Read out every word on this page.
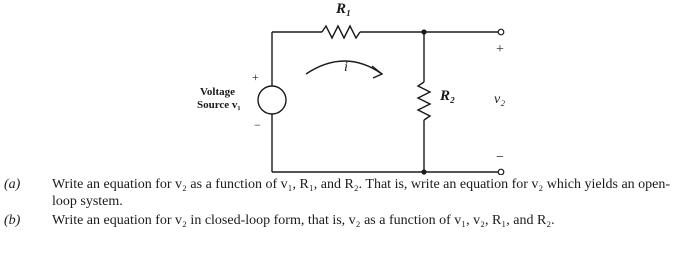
R₁
R₂
i
Voltage
Source v₁
+
−
v₂
+
−
(a)	Write an equation for v₂ as a function of v₁, R₁, and R₂. That is, write an equation for v₂ which yields an open-loop system.
(b)	Write an equation for v₂ in closed-loop form, that is, v₂ as a function of v₁, v₂, R₁, and R₂.
